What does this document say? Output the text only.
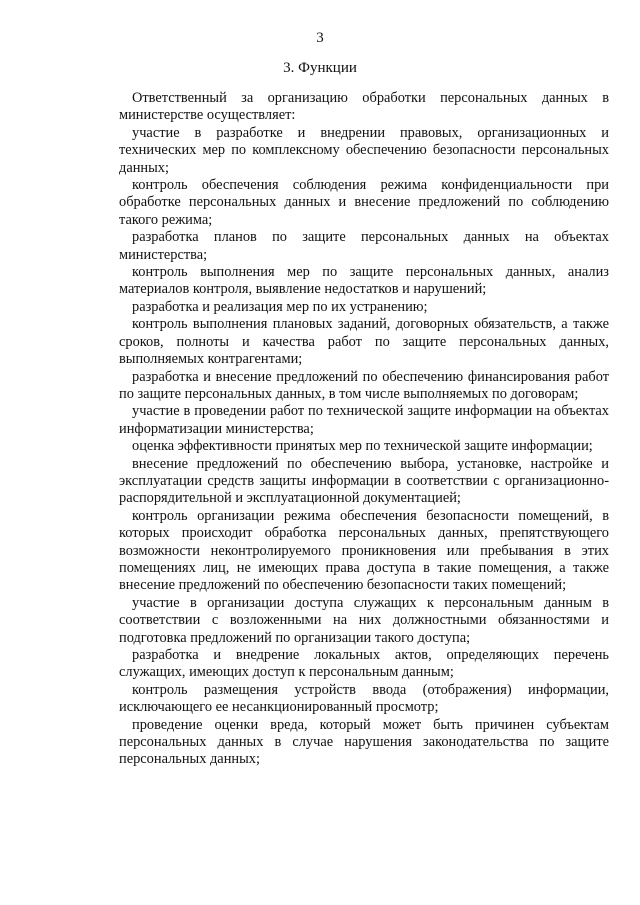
3
3. Функции

Ответственный за организацию обработки персональных данных в министерстве осуществляет:

участие в разработке и внедрении правовых, организационных и технических мер по комплексному обеспечению безопасности персональных данных;

контроль обеспечения соблюдения режима конфиденциальности при обработке персональных данных и внесение предложений по соблюдению такого режима;

разработка планов по защите персональных данных на объектах министерства;

контроль выполнения мер по защите персональных данных, анализ материалов контроля, выявление недостатков и нарушений;

разработка и реализация мер по их устранению;

контроль выполнения плановых заданий, договорных обязательств, а также сроков, полноты и качества работ по защите персональных данных, выполняемых контрагентами;

разработка и внесение предложений по обеспечению финансирования работ по защите персональных данных, в том числе выполняемых по договорам;

участие в проведении работ по технической защите информации на объектах информатизации министерства;

оценка эффективности принятых мер по технической защите информации;

внесение предложений по обеспечению выбора, установке, настройке и эксплуатации средств защиты информации в соответствии с организационно-распорядительной и эксплуатационной документацией;

контроль организации режима обеспечения безопасности помещений, в которых происходит обработка персональных данных, препятствующего возможности неконтролируемого проникновения или пребывания в этих помещениях лиц, не имеющих права доступа в такие помещения, а также внесение предложений по обеспечению безопасности таких помещений;

участие в организации доступа служащих к персональным данным в соответствии с возложенными на них должностными обязанностями и подготовка предложений по организации такого доступа;

разработка и внедрение локальных актов, определяющих перечень служащих, имеющих доступ к персональным данным;

контроль размещения устройств ввода (отображения) информации, исключающего ее несанкционированный просмотр;

проведение оценки вреда, который может быть причинен субъектам персональных данных в случае нарушения законодательства по защите персональных данных;
